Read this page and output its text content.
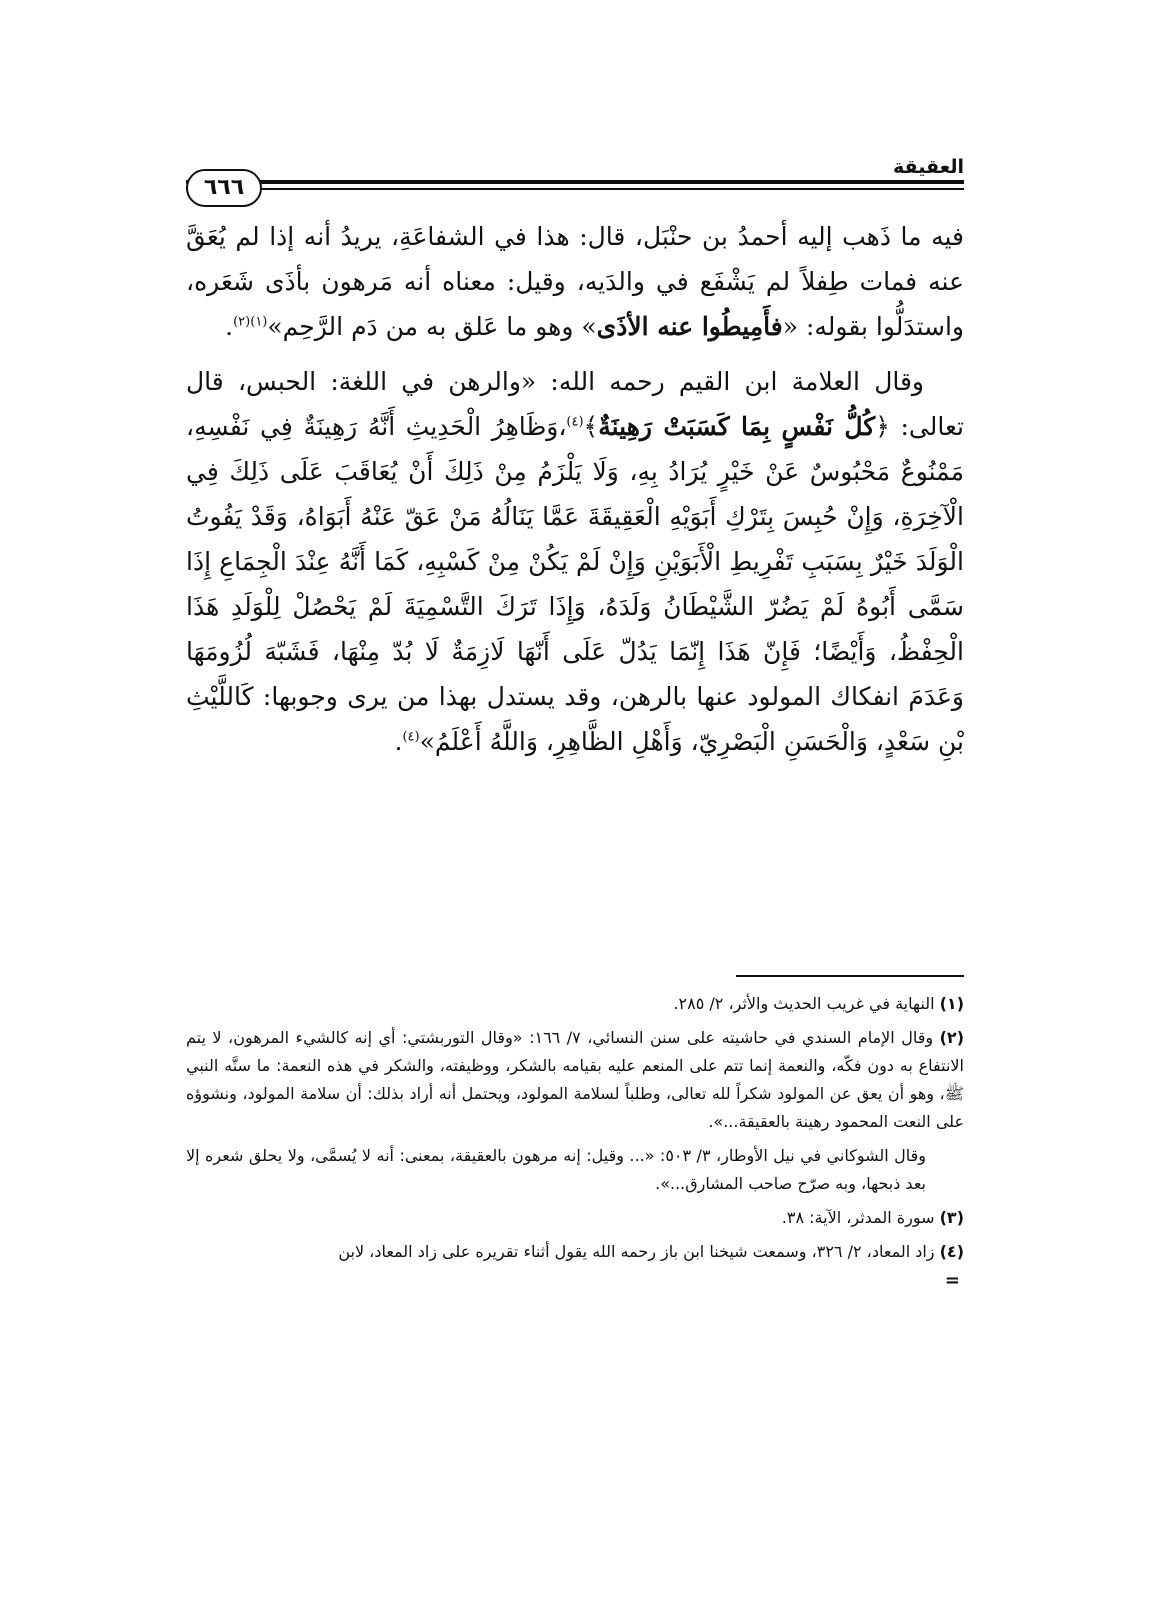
العقيقة
٦٦٦

فيه ما ذَهب إليه أحمدُ بن حنْبَل، قال: هذا في الشفاعَةِ، يريدُ أنه إذا لم يُعَقَّ عنه فمات طِفلاً لم يَشْفَع في والدَيه، وقيل: معناه أنه مَرهون بأذَى شَعَره، واستدَلُّوا بقوله: «فأَمِيطُوا عنه الأذَى» وهو ما عَلق به من دَم الرَّحِم»$^{(١)(٢)}$.

وقال العلامة ابن القيم رحمه الله: «والرهن في اللغة: الحبس، قال تعالى: ﴿كُلُّ نَفْسٍ بِمَا كَسَبَتْ رَهِينَةٌ﴾$^{(٤)}$،وَظَاهِرُ الْحَدِيثِ أَنَّهُ رَهِينَةٌ فِي نَفْسِهِ، مَمْنُوعٌ مَحْبُوسٌ عَنْ خَيْرٍ يُرَادُ بِهِ، وَلَا يَلْزَمُ مِنْ ذَلِكَ أَنْ يُعَاقَبَ عَلَى ذَلِكَ فِي الْآخِرَةِ، وَإِنْ حُبِسَ بِتَرْكِ أَبَوَيْهِ الْعَقِيقَةَ عَمَّا يَنَالُهُ مَنْ عَقّ عَنْهُ أَبَوَاهُ، وَقَدْ يَفُوتُ الْوَلَدَ خَيْرٌ بِسَبَبِ تَفْرِيطِ الْأَبَوَيْنِ وَإِنْ لَمْ يَكُنْ مِنْ كَسْبِهِ، كَمَا أَنَّهُ عِنْدَ الْجِمَاعِ إِذَا سَمَّى أَبُوهُ لَمْ يَضُرّ الشَّيْطَانُ وَلَدَهُ، وَإِذَا تَرَكَ التَّسْمِيَةَ لَمْ يَحْصُلْ لِلْوَلَدِ هَذَا الْحِفْظُ، وَأَيْضًا؛ فَإِنّ هَذَا إِنّمَا يَدُلّ عَلَى أَنّهَا لَازِمَةٌ لَا بُدّ مِنْهَا، فَشَبّهَ لُزُومَهَا وَعَدَمَ انفكاك المولود عنها بالرهن، وقد يستدل بهذا من يرى وجوبها: كَاللَّيْثِ بْنِ سَعْدٍ، وَالْحَسَنِ الْبَصْرِيّ، وَأَهْلِ الظَّاهِرِ، وَاللَّهُ أَعْلَمُ»$^{(٤)}$.

(١) النهاية في غريب الحديث والأثر، ٢/ ٢٨٥.

(٢) وقال الإمام السندي في حاشيته على سنن النسائي، ٧/ ١٦٦: «وقال التوربشتي: أي إنه كالشيء المرهون، لا يتم الانتفاع به دون فكّه، والنعمة إنما تتم على المنعم عليه بقيامه بالشكر، ووظيفته، والشكر في هذه النعمة: ما سنَّه النبي ﷺ، وهو أن يعق عن المولود شكراً لله تعالى، وطلباً لسلامة المولود، ويحتمل أنه أراد بذلك: أن سلامة المولود، ونشوؤه على النعت المحمود رهينة بالعقيقة...».

وقال الشوكاني في نيل الأوطار، ٣/ ٥٠٣: «... وقيل: إنه مرهون بالعقيقة، بمعنى: أنه لا يُسمَّى، ولا يحلق شعره إلا بعد ذبحها، وبه صرّح صاحب المشارق...».

(٣) سورة المدثر، الآية: ٣٨.

(٤) زاد المعاد، ٢/ ٣٢٦، وسمعت شيخنا ابن باز رحمه الله يقول أثناء تقريره على زاد المعاد، لابن

=
